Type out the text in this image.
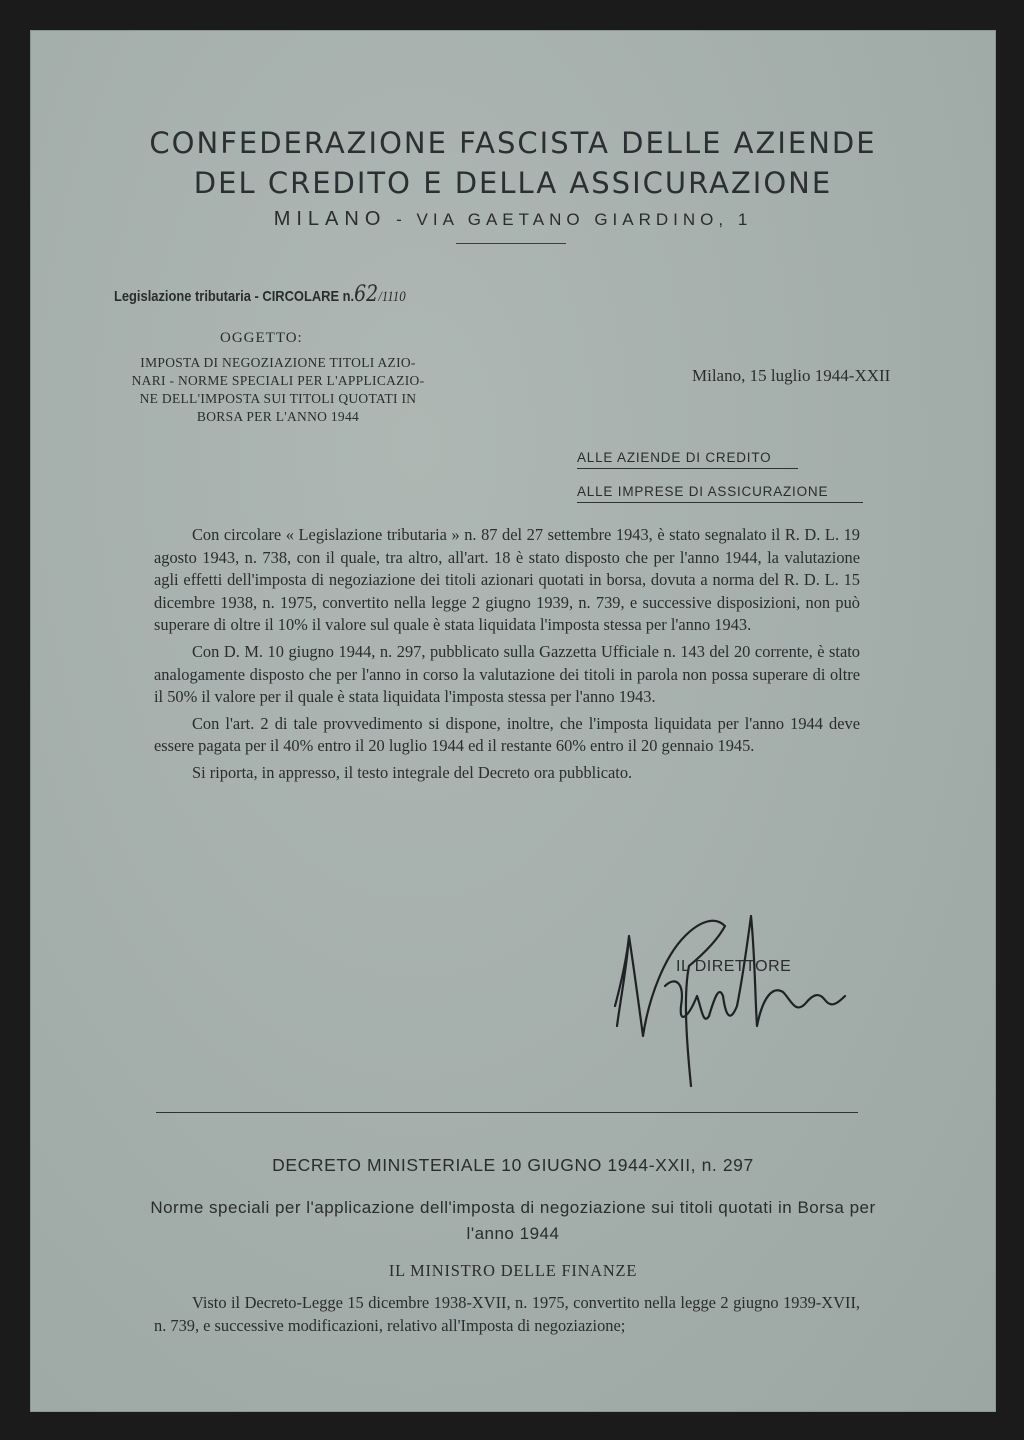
CONFEDERAZIONE FASCISTA DELLE AZIENDE
DEL CREDITO E DELLA ASSICURAZIONE
MILANO - VIA GAETANO GIARDINO, 1
Legislazione tributaria - CIRCOLARE n.62/1110
OGGETTO:
IMPOSTA DI NEGOZIAZIONE TITOLI AZIO-
NARI - NORME SPECIALI PER L'APPLICAZIO-
NE DELL'IMPOSTA SUI TITOLI QUOTATI IN
BORSA PER L'ANNO 1944
Milano, 15 luglio 1944-XXII
ALLE AZIENDE DI CREDITO
ALLE IMPRESE DI ASSICURAZIONE

Con circolare « Legislazione tributaria » n. 87 del 27 settembre 1943, è stato segnalato il R. D. L. 19 agosto 1943, n. 738, con il quale, tra altro, all'art. 18 è stato disposto che per l'anno 1944, la valutazione agli effetti dell'imposta di negoziazione dei titoli azionari quotati in borsa, dovuta a norma del R. D. L. 15 dicembre 1938, n. 1975, convertito nella legge 2 giugno 1939, n. 739, e successive disposizioni, non può superare di oltre il 10% il valore sul quale è stata liquidata l'imposta stessa per l'anno 1943.

Con D. M. 10 giugno 1944, n. 297, pubblicato sulla Gazzetta Ufficiale n. 143 del 20 corrente, è stato analogamente disposto che per l'anno in corso la valutazione dei titoli in parola non possa superare di oltre il 50% il valore per il quale è stata liquidata l'imposta stessa per l'anno 1943.

Con l'art. 2 di tale provvedimento si dispone, inoltre, che l'imposta liquidata per l'anno 1944 deve essere pagata per il 40% entro il 20 luglio 1944 ed il restante 60% entro il 20 gennaio 1945.

Si riporta, in appresso, il testo integrale del Decreto ora pubblicato.

IL DIRETTORE
DECRETO MINISTERIALE 10 GIUGNO 1944-XXII, n. 297
Norme speciali per l'applicazione dell'imposta di negoziazione sui titoli quotati in Borsa per l'anno 1944
IL MINISTRO DELLE FINANZE

Visto il Decreto-Legge 15 dicembre 1938-XVII, n. 1975, convertito nella legge 2 giugno 1939-XVII, n. 739, e successive modificazioni, relativo all'Imposta di negoziazione;
